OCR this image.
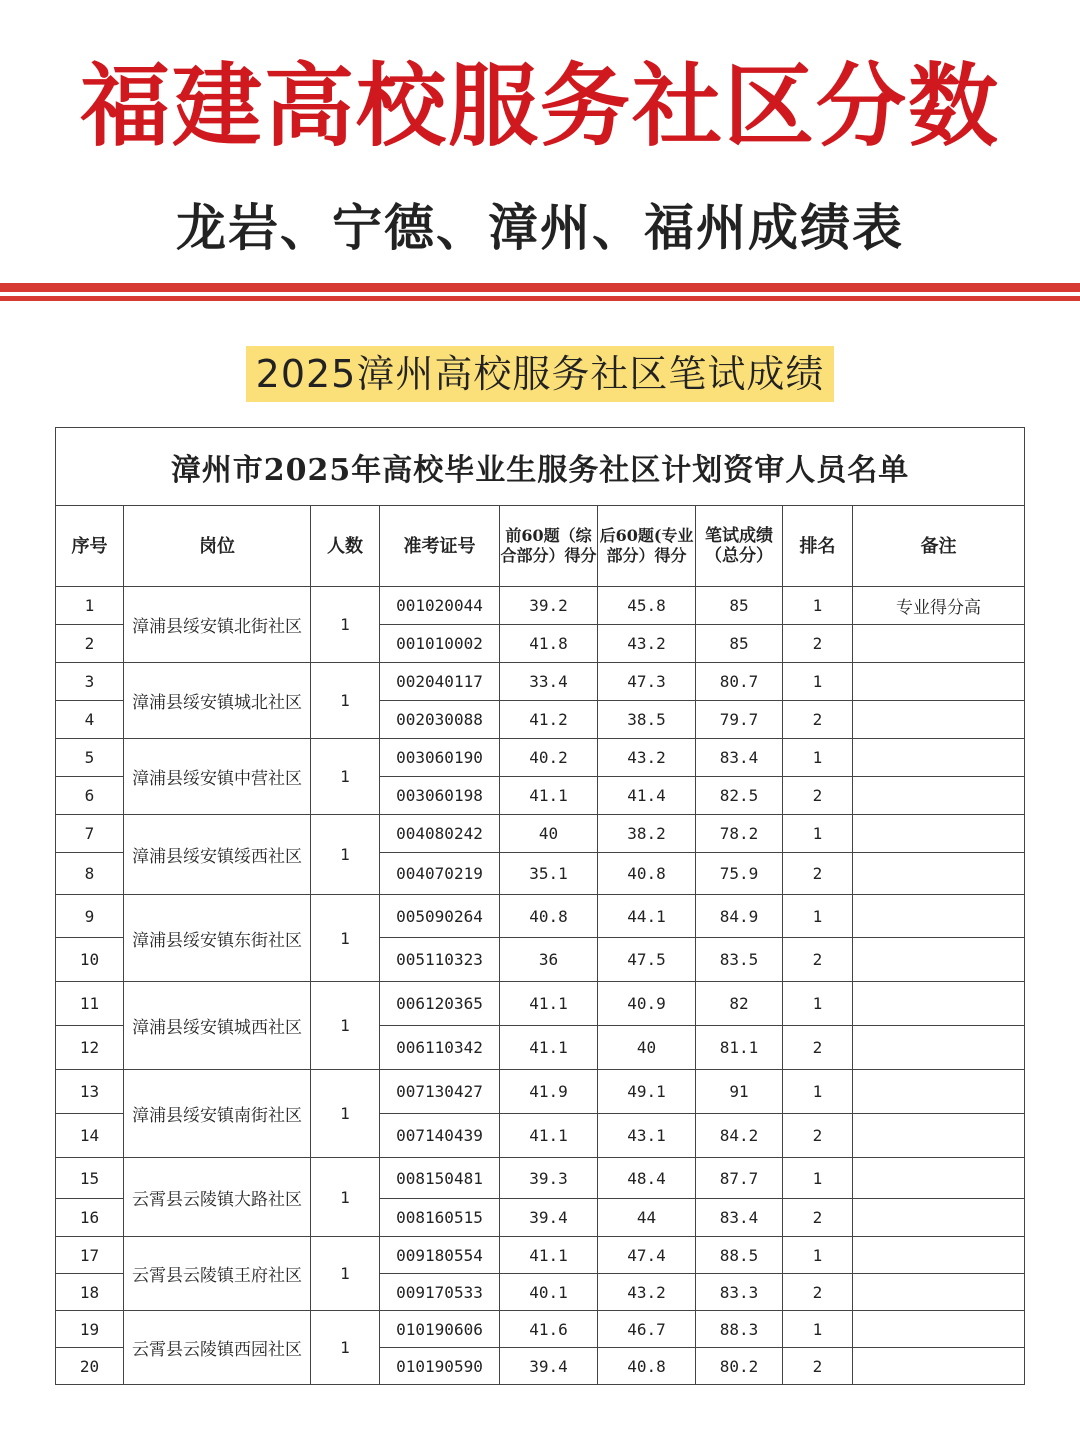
福建高校服务社区分数
龙岩、宁德、漳州、福州成绩表
2025漳州高校服务社区笔试成绩
漳州市2025年高校毕业生服务社区计划资审人员名单								
序号	岗位	人数	准考证号	前60题（综合部分）得分	后60题(专业部分）得分	笔试成绩（总分）	排名	备注
1	漳浦县绥安镇北街社区	1	001020044	39.2	45.8	85	1	专业得分高
2			001010002	41.8	43.2	85	2	
3	漳浦县绥安镇城北社区	1	002040117	33.4	47.3	80.7	1	
4			002030088	41.2	38.5	79.7	2	
5	漳浦县绥安镇中营社区	1	003060190	40.2	43.2	83.4	1	
6			003060198	41.1	41.4	82.5	2	
7	漳浦县绥安镇绥西社区	1	004080242	40	38.2	78.2	1	
8			004070219	35.1	40.8	75.9	2	
9	漳浦县绥安镇东街社区	1	005090264	40.8	44.1	84.9	1	
10			005110323	36	47.5	83.5	2	
11	漳浦县绥安镇城西社区	1	006120365	41.1	40.9	82	1	
12			006110342	41.1	40	81.1	2	
13	漳浦县绥安镇南街社区	1	007130427	41.9	49.1	91	1	
14			007140439	41.1	43.1	84.2	2	
15	云霄县云陵镇大路社区	1	008150481	39.3	48.4	87.7	1	
16			008160515	39.4	44	83.4	2	
17	云霄县云陵镇王府社区	1	009180554	41.1	47.4	88.5	1	
18			009170533	40.1	43.2	83.3	2	
19	云霄县云陵镇西园社区	1	010190606	41.6	46.7	88.3	1	
20			010190590	39.4	40.8	80.2	2	
